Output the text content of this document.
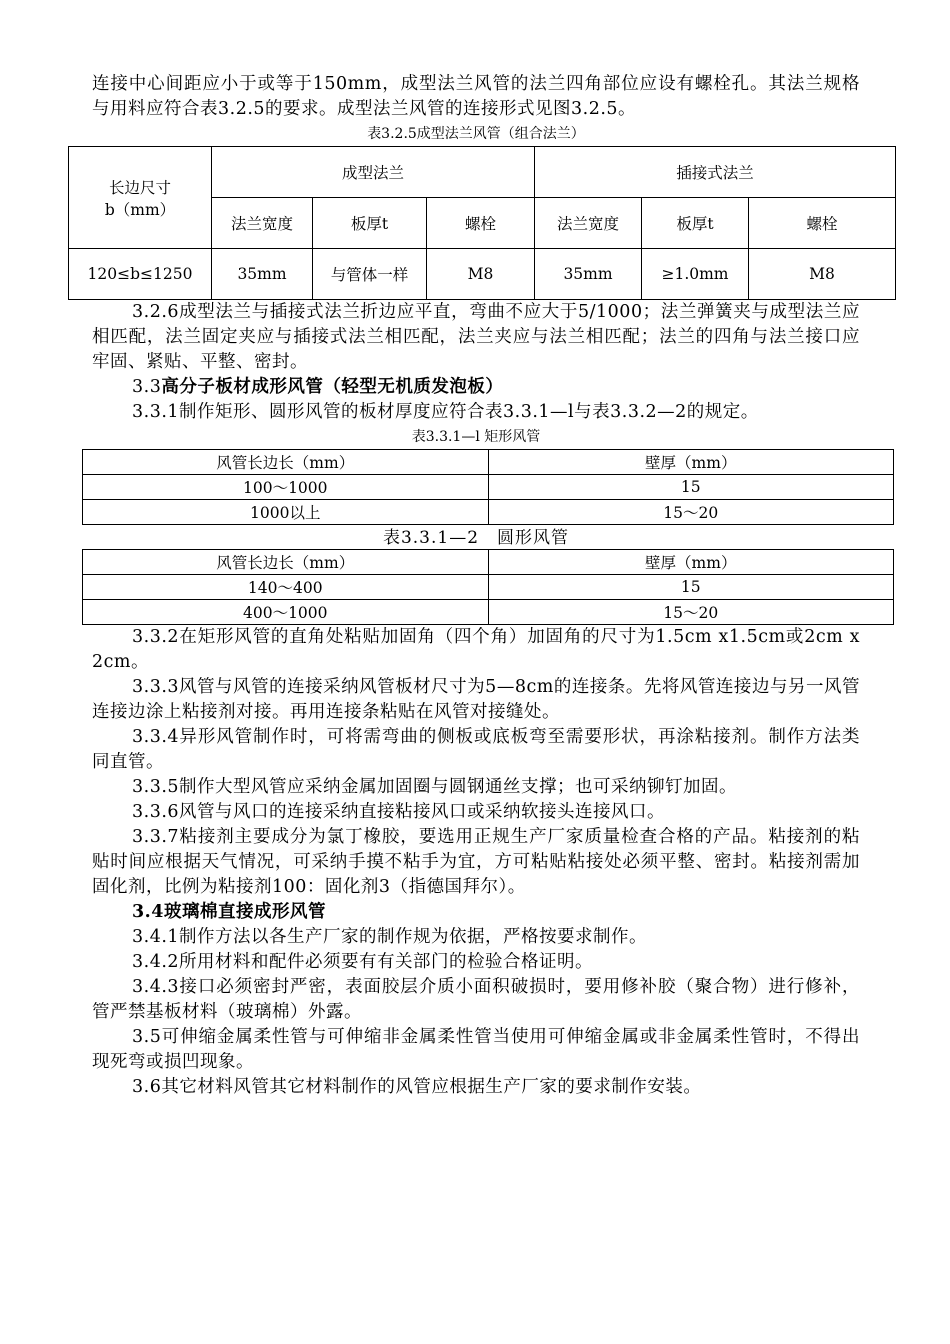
连接中心间距应小于或等于150mm，成型法兰风管的法兰四角部位应设有螺栓孔。其法兰规格与用料应符合表3.2.5的要求。成型法兰风管的连接形式见图3.2.5。

表3.2.5成型法兰风管（组合法兰）
长边尺寸
b（mm）	成型法兰			插接式法兰		
	法兰宽度	板厚t	螺栓	法兰宽度	板厚t	螺栓
120≤b≤1250	35mm	与管体一样	M8	35mm	≥1.0mm	M8

3.2.6成型法兰与插接式法兰折边应平直，弯曲不应大于5/1000；法兰弹簧夹与成型法兰应相匹配，法兰固定夹应与插接式法兰相匹配，法兰夹应与法兰相匹配；法兰的四角与法兰接口应牢固、紧贴、平整、密封。

3.3高分子板材成形风管（轻型无机质发泡板）

3.3.1制作矩形、圆形风管的板材厚度应符合表3.3.1—l与表3.3.2—2的规定。

表3.3.1—l 矩形风管
风管长边长（mm）	壁厚（mm）
100～1000	15
1000以上	15～20
表3.3.1—2　圆形风管
风管长边长（mm）	壁厚（mm）
140～400	15
400～1000	15～20

3.3.2在矩形风管的直角处粘贴加固角（四个角）加固角的尺寸为1.5cm x1.5cm或2cm x 2cm。

3.3.3风管与风管的连接采纳风管板材尺寸为5—8cm的连接条。先将风管连接边与另一风管连接边涂上粘接剂对接。再用连接条粘贴在风管对接缝处。

3.3.4异形风管制作时，可将需弯曲的侧板或底板弯至需要形状，再涂粘接剂。制作方法类同直管。

3.3.5制作大型风管应采纳金属加固圈与圆钢通丝支撑；也可采纳铆钉加固。

3.3.6风管与风口的连接采纳直接粘接风口或采纳软接头连接风口。

3.3.7粘接剂主要成分为氯丁橡胶，要选用正规生产厂家质量检查合格的产品。粘接剂的粘贴时间应根据天气情况，可采纳手摸不粘手为宜，方可粘贴粘接处必须平整、密封。粘接剂需加固化剂，比例为粘接剂100：固化剂3（指德国拜尔）。

3.4玻璃棉直接成形风管

3.4.1制作方法以各生产厂家的制作规为依据，严格按要求制作。

3.4.2所用材料和配件必须要有有关部门的检验合格证明。

3.4.3接口必须密封严密，表面胶层介质小面积破损时，要用修补胶（聚合物）进行修补，管严禁基板材料（玻璃棉）外露。

3.5可伸缩金属柔性管与可伸缩非金属柔性管当使用可伸缩金属或非金属柔性管时，不得出现死弯或损凹现象。

3.6其它材料风管其它材料制作的风管应根据生产厂家的要求制作安装。
